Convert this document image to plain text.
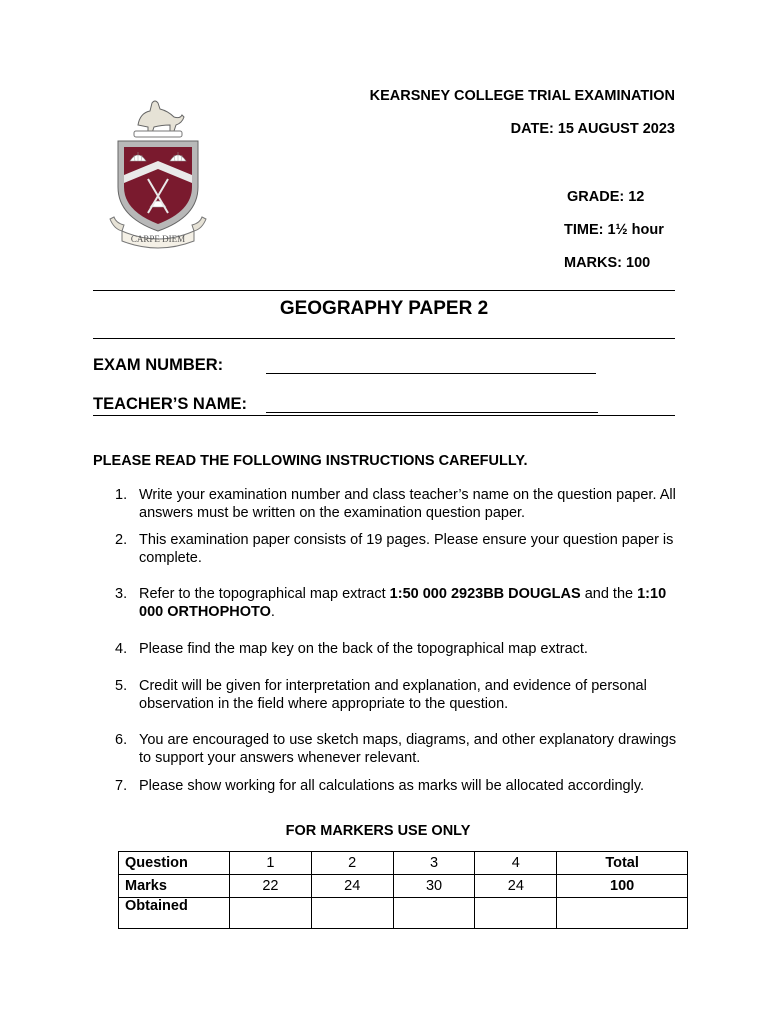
CARPE DIEM
KEARSNEY COLLEGE TRIAL EXAMINATION
DATE: 15 AUGUST 2023
GRADE: 12
TIME: 1½ hour
MARKS: 100
GEOGRAPHY PAPER 2
EXAM NUMBER:
TEACHER’S NAME:
PLEASE READ THE FOLLOWING INSTRUCTIONS CAREFULLY.
1. Write your examination number and class teacher’s name on the question paper. All answers must be written on the examination question paper.
2. This examination paper consists of 19 pages. Please ensure your question paper is complete.
3. Refer to the topographical map extract 1:50 000 2923BB DOUGLAS and the 1:10 000 ORTHOPHOTO.
4. Please find the map key on the back of the topographical map extract.
5. Credit will be given for interpretation and explanation, and evidence of personal observation in the field where appropriate to the question.
6. You are encouraged to use sketch maps, diagrams, and other explanatory drawings to support your answers whenever relevant.
7. Please show working for all calculations as marks will be allocated accordingly.
FOR MARKERS USE ONLY
Question	1	2	3	4	Total
Marks	22	24	30	24	100
Obtained					
